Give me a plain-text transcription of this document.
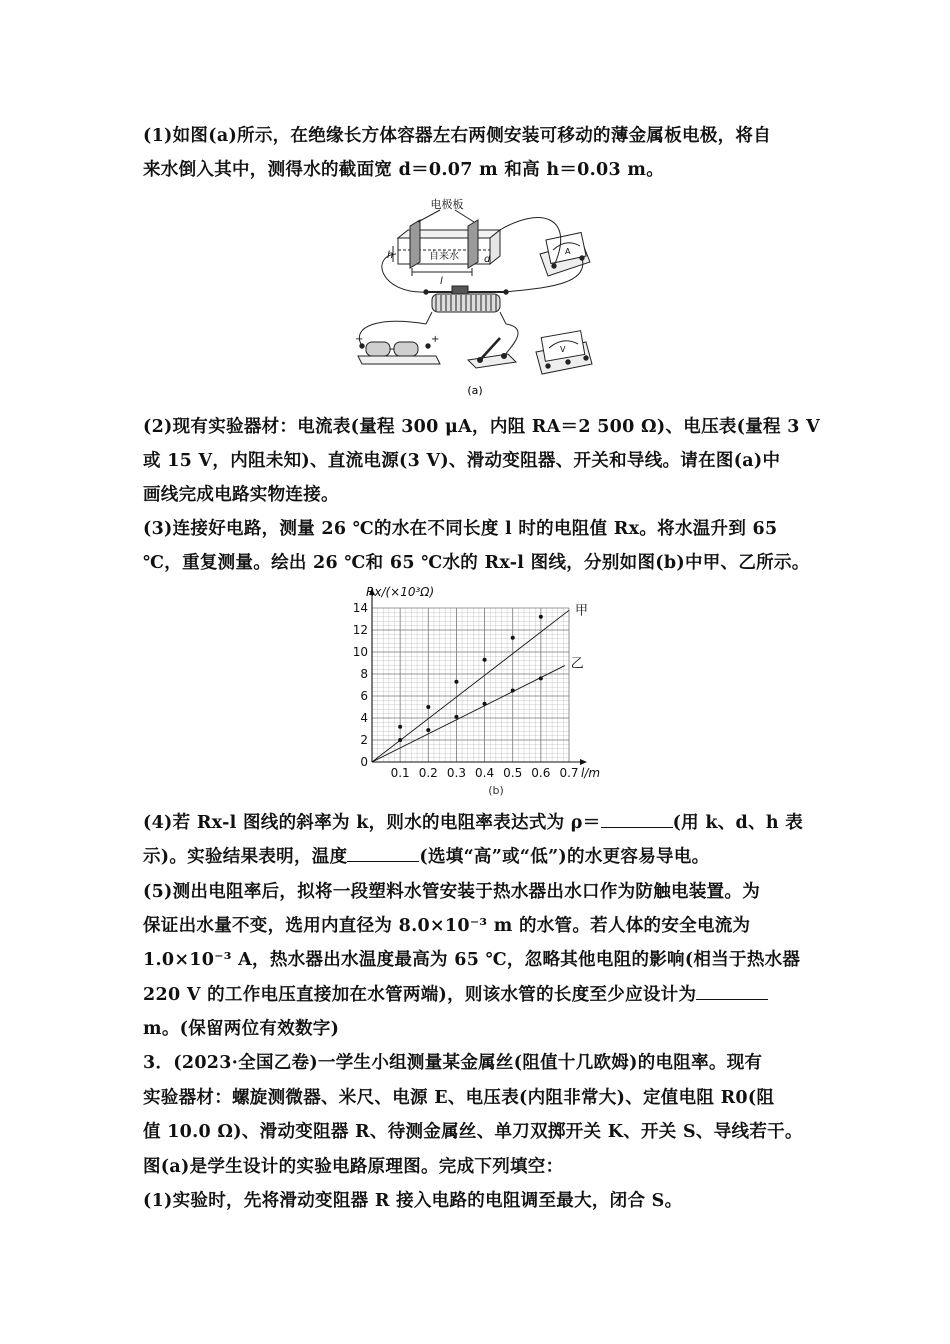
(1)如图(a)所示，在绝缘长方体容器左右两侧安装可移动的薄金属板电极，将自

来水倒入其中，测得水的截面宽 d＝0.07 m 和高 h＝0.03 m。

电极板
自来水
h	d
l
A
V
−	+
(a)

(2)现有实验器材：电流表(量程 300 μA，内阻 RA＝2 500 Ω)、电压表(量程 3 V

或 15 V，内阻未知)、直流电源(3 V)、滑动变阻器、开关和导线。请在图(a)中

画线完成电路实物连接。

(3)连接好电路，测量 26 ℃的水在不同长度 l 时的电阻值 Rx。将水温升到 65

℃，重复测量。绘出 26 ℃和 65 ℃水的 Rx-l 图线，分别如图(b)中甲、乙所示。

0
2
4
6
8
10
12
14
0.1 0.2 0.3 0.4 0.5 0.6 0.7
甲
乙
Rx/(×10³Ω)
l/m
(b)

(4)若 Rx-l 图线的斜率为 k，则水的电阻率表达式为 ρ＝	(用 k、d、h 表

示)。实验结果表明，温度	(选填“高”或“低”)的水更容易导电。

(5)测出电阻率后，拟将一段塑料水管安装于热水器出水口作为防触电装置。为

保证出水量不变，选用内直径为 8.0×10⁻³ m 的水管。若人体的安全电流为

1.0×10⁻³ A，热水器出水温度最高为 65 ℃，忽略其他电阻的影响(相当于热水器

220 V 的工作电压直接加在水管两端)，则该水管的长度至少应设计为

m。(保留两位有效数字)

3．(2023·全国乙卷)一学生小组测量某金属丝(阻值十几欧姆)的电阻率。现有

实验器材：螺旋测微器、米尺、电源 E、电压表(内阻非常大)、定值电阻 R0(阻

值 10.0 Ω)、滑动变阻器 R、待测金属丝、单刀双掷开关 K、开关 S、导线若干。

图(a)是学生设计的实验电路原理图。完成下列填空：

(1)实验时，先将滑动变阻器 R 接入电路的电阻调至最大，闭合 S。
